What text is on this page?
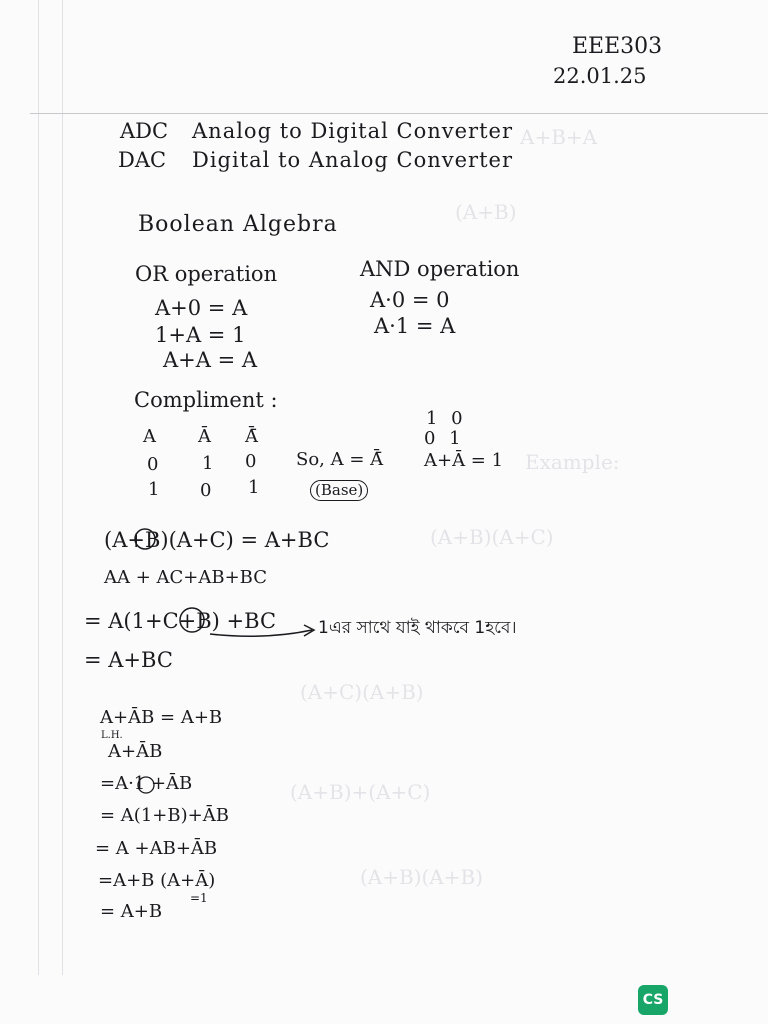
A+B+A
(A+B)
(A+C)(A+B)
Example:
(A+B)(A+C)
(A+B)+(A+C)
(A+B)(A+B)
EEE303
22.01.25
ADC Analog to Digital Converter
DAC Digital to Analog Converter
Boolean Algebra
OR operation
A+0 = A
1+A = 1
A+A = A
AND operation
A·0 = 0
A·1 = A
Compliment :
A Ā Ā̄
0 1 0
1 0 1
So, A = Ā̄
(Base)
1 0
0 1
A+Ā = 1
(A+B)(A+C) = A+BC
AA + AC+AB+BC
= A(1+C+B) +BC
= A+BC
1এর সাথে যাই থাকবে 1হবে।
A+ĀB = A+B
L.H.
A+ĀB
=A·1 +ĀB
= A(1+B)+ĀB
= A +AB+ĀB
=A+B (A+Ā)
= A+B
=1
CS
